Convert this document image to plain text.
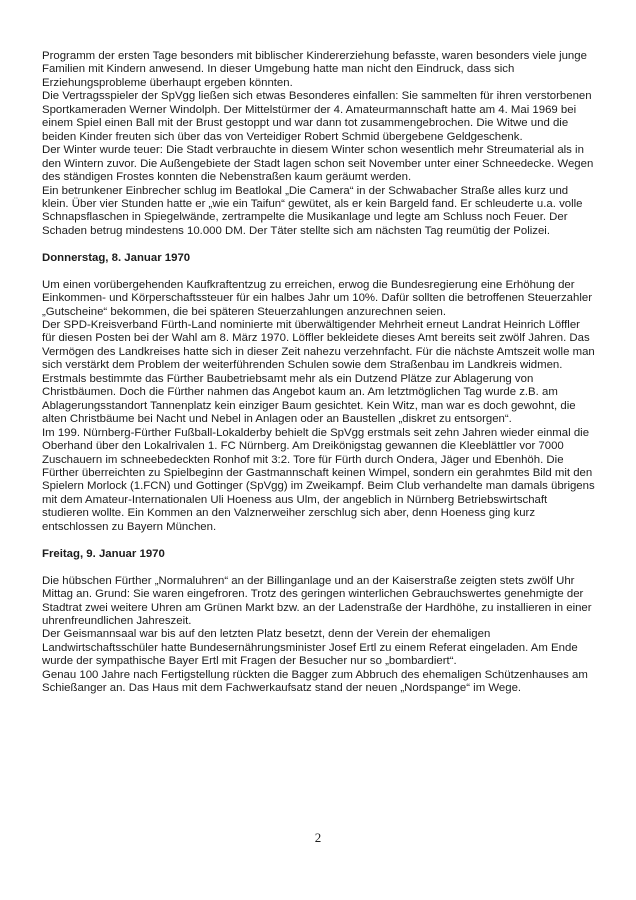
Programm der ersten Tage besonders mit biblischer Kindererziehung befasste, waren besonders viele junge Familien mit Kindern anwesend. In dieser Umgebung hatte man nicht den Eindruck, dass sich Erziehungsprobleme überhaupt ergeben könnten.

Die Vertragsspieler der SpVgg ließen sich etwas Besonderes einfallen: Sie sammelten für ihren verstorbenen Sportkameraden Werner Windolph. Der Mittelstürmer der 4. Amateurmannschaft hatte am 4. Mai 1969 bei einem Spiel einen Ball mit der Brust gestoppt und war dann tot zusammengebrochen. Die Witwe und die beiden Kinder freuten sich über das von Verteidiger Robert Schmid übergebene Geldgeschenk.

Der Winter wurde teuer: Die Stadt verbrauchte in diesem Winter schon wesentlich mehr Streumaterial als in den Wintern zuvor. Die Außengebiete der Stadt lagen schon seit November unter einer Schneedecke. Wegen des ständigen Frostes konnten die Nebenstraßen kaum geräumt werden.

Ein betrunkener Einbrecher schlug im Beatlokal „Die Camera“ in der Schwabacher Straße alles kurz und klein. Über vier Stunden hatte er „wie ein Taifun“ gewütet, als er kein Bargeld fand. Er schleuderte u.a. volle Schnapsflaschen in Spiegelwände, zertrampelte die Musikanlage und legte am Schluss noch Feuer. Der Schaden betrug mindestens 10.000 DM. Der Täter stellte sich am nächsten Tag reumütig der Polizei.

Donnerstag, 8. Januar 1970

Um einen vorübergehenden Kaufkraftentzug zu erreichen, erwog die Bundesregierung eine Erhöhung der Einkommen- und Körperschaftssteuer für ein halbes Jahr um 10%. Dafür sollten die betroffenen Steuerzahler „Gutscheine“ bekommen, die bei späteren Steuerzahlungen anzurechnen seien.

Der SPD-Kreisverband Fürth-Land nominierte mit überwältigender Mehrheit erneut Landrat Heinrich Löffler für diesen Posten bei der Wahl am 8. März 1970. Löffler bekleidete dieses Amt bereits seit zwölf Jahren. Das Vermögen des Landkreises hatte sich in dieser Zeit nahezu verzehnfacht. Für die nächste Amtszeit wolle man sich verstärkt dem Problem der weiterführenden Schulen sowie dem Straßenbau im Landkreis widmen.

Erstmals bestimmte das Fürther Baubetriebsamt mehr als ein Dutzend Plätze zur Ablagerung von Christbäumen. Doch die Fürther nahmen das Angebot kaum an. Am letztmöglichen Tag wurde z.B. am Ablagerungsstandort Tannenplatz kein einziger Baum gesichtet. Kein Witz, man war es doch gewohnt, die alten Christbäume bei Nacht und Nebel in Anlagen oder an Baustellen „diskret zu entsorgen“.

Im 199. Nürnberg-Fürther Fußball-Lokalderby behielt die SpVgg erstmals seit zehn Jahren wieder einmal die Oberhand über den Lokalrivalen 1. FC Nürnberg. Am Dreikönigstag gewannen die Kleeblättler vor 7000 Zuschauern im schneebedeckten Ronhof mit 3:2. Tore für Fürth durch Ondera, Jäger und Ebenhöh. Die Fürther überreichten zu Spielbeginn der Gastmannschaft keinen Wimpel, sondern ein gerahmtes Bild mit den Spielern Morlock (1.FCN) und Gottinger (SpVgg) im Zweikampf. Beim Club verhandelte man damals übrigens mit dem Amateur-Internationalen Uli Hoeness aus Ulm, der angeblich in Nürnberg Betriebswirtschaft studieren wollte. Ein Kommen an den Valznerweiher zerschlug sich aber, denn Hoeness ging kurz entschlossen zu Bayern München.

Freitag, 9. Januar 1970

Die hübschen Fürther „Normaluhren“ an der Billinganlage und an der Kaiserstraße zeigten stets zwölf Uhr Mittag an. Grund: Sie waren eingefroren. Trotz des geringen winterlichen Gebrauchswertes genehmigte der Stadtrat zwei weitere Uhren am Grünen Markt bzw. an der Ladenstraße der Hardhöhe, zu installieren in einer uhrenfreundlichen Jahreszeit.

Der Geismannsaal war bis auf den letzten Platz besetzt, denn der Verein der ehemaligen Landwirtschaftsschüler hatte Bundesernährungsminister Josef Ertl zu einem Referat eingeladen. Am Ende wurde der sympathische Bayer Ertl mit Fragen der Besucher nur so „bombardiert“.

Genau 100 Jahre nach Fertigstellung rückten die Bagger zum Abbruch des ehemaligen Schützenhauses am Schießanger an. Das Haus mit dem Fachwerkaufsatz stand der neuen „Nordspange“ im Wege.

2
